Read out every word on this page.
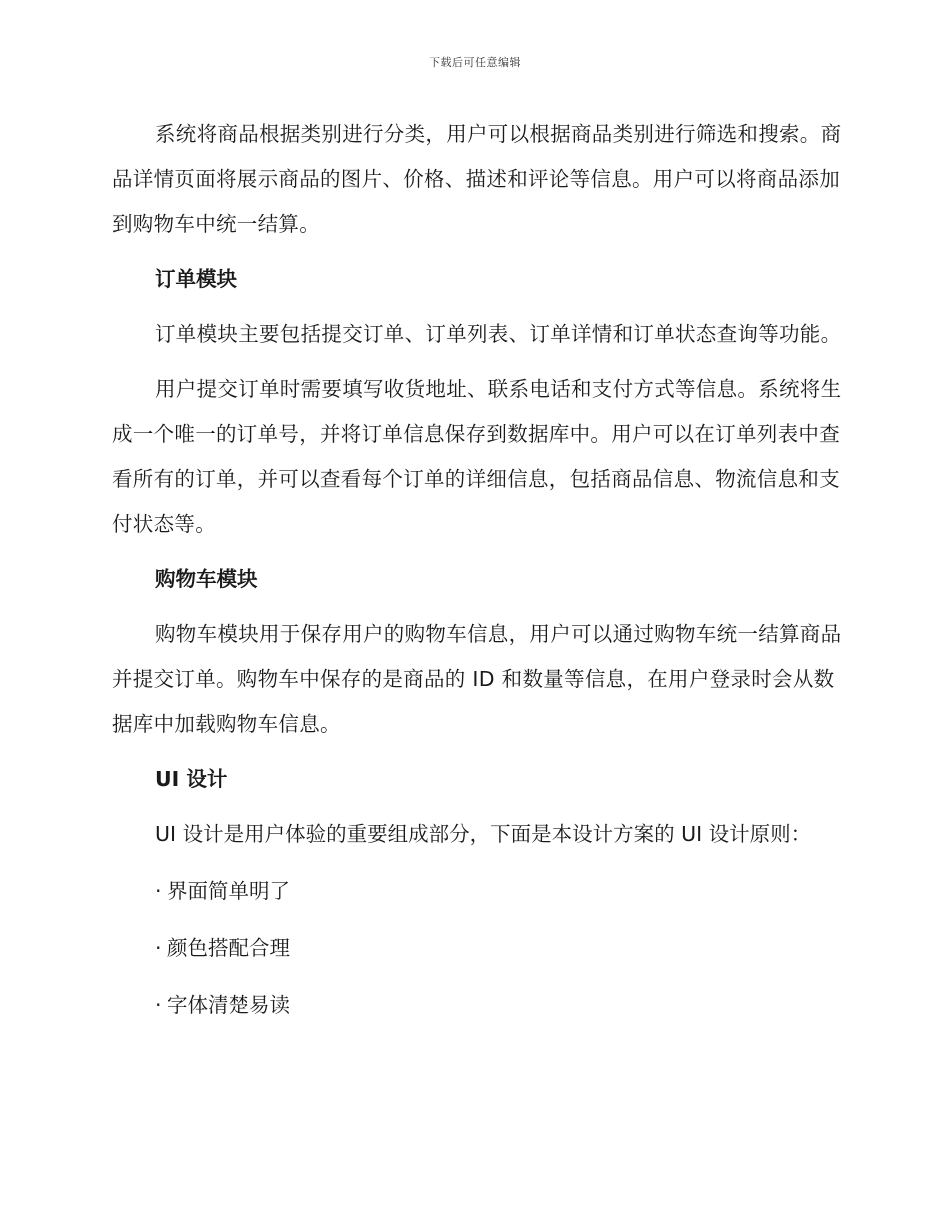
下载后可任意编辑

系统将商品根据类别进行分类，用户可以根据商品类别进行筛选和搜索。商品详情页面将展示商品的图片、价格、描述和评论等信息。用户可以将商品添加到购物车中统一结算。

订单模块

订单模块主要包括提交订单、订单列表、订单详情和订单状态查询等功能。

用户提交订单时需要填写收货地址、联系电话和支付方式等信息。系统将生成一个唯一的订单号，并将订单信息保存到数据库中。用户可以在订单列表中查看所有的订单，并可以查看每个订单的详细信息，包括商品信息、物流信息和支付状态等。

购物车模块

购物车模块用于保存用户的购物车信息，用户可以通过购物车统一结算商品并提交订单。购物车中保存的是商品的 ID 和数量等信息，在用户登录时会从数据库中加载购物车信息。

UI 设计

UI 设计是用户体验的重要组成部分，下面是本设计方案的 UI 设计原则：

· 界面简单明了

· 颜色搭配合理

· 字体清楚易读
